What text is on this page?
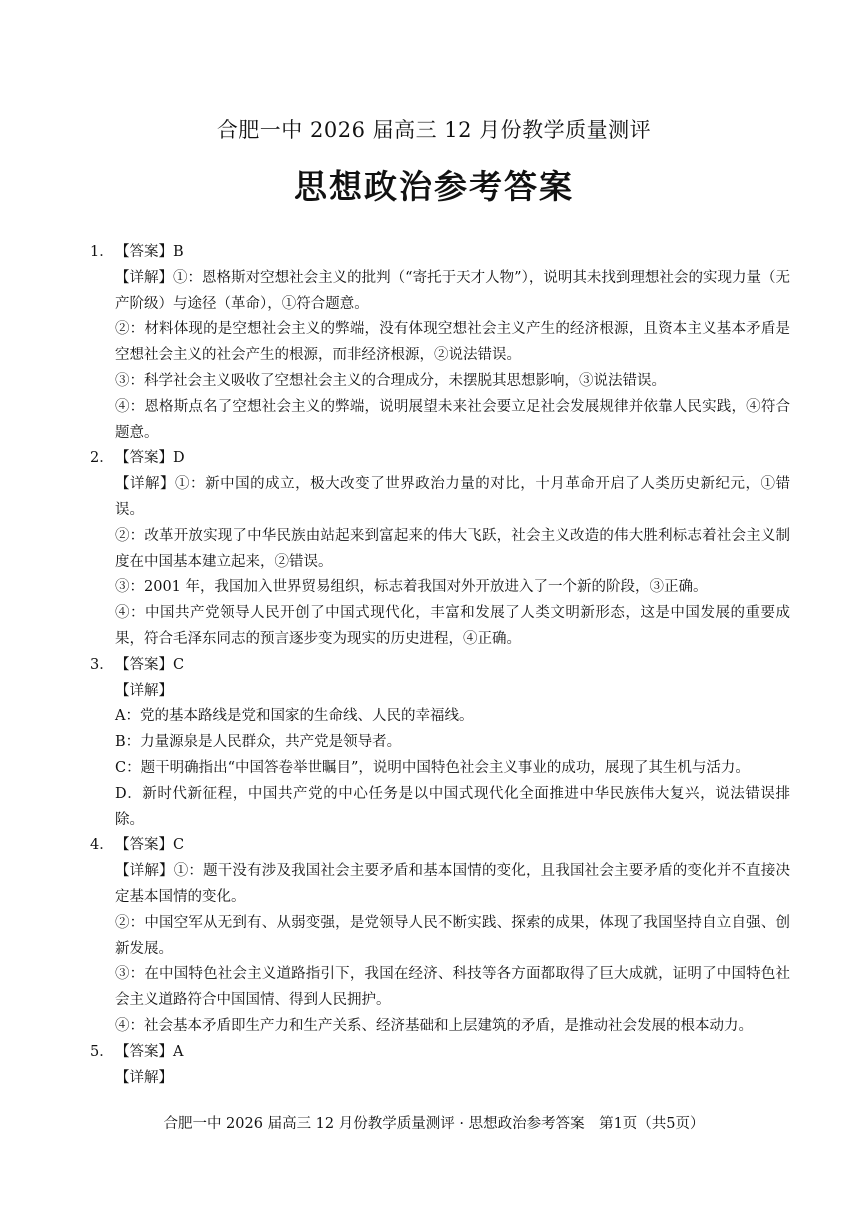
合肥一中 2026 届高三 12 月份教学质量测评
思想政治参考答案
1． 【答案】B

【详解】①：恩格斯对空想社会主义的批判（“寄托于天才人物”），说明其未找到理想社会的实现力量（无产阶级）与途径（革命），①符合题意。

②：材料体现的是空想社会主义的弊端，没有体现空想社会主义产生的经济根源，且资本主义基本矛盾是空想社会主义的社会产生的根源，而非经济根源，②说法错误。

③：科学社会主义吸收了空想社会主义的合理成分，未摆脱其思想影响，③说法错误。

④：恩格斯点名了空想社会主义的弊端，说明展望未来社会要立足社会发展规律并依靠人民实践，④符合题意。

2． 【答案】D

【详解】①：新中国的成立，极大改变了世界政治力量的对比，十月革命开启了人类历史新纪元，①错误。

②：改革开放实现了中华民族由站起来到富起来的伟大飞跃，社会主义改造的伟大胜利标志着社会主义制度在中国基本建立起来，②错误。

③：2001 年，我国加入世界贸易组织，标志着我国对外开放进入了一个新的阶段，③正确。

④：中国共产党领导人民开创了中国式现代化，丰富和发展了人类文明新形态，这是中国发展的重要成果，符合毛泽东同志的预言逐步变为现实的历史进程，④正确。

3． 【答案】C

【详解】

A：党的基本路线是党和国家的生命线、人民的幸福线。

B：力量源泉是人民群众，共产党是领导者。

C：题干明确指出“中国答卷举世瞩目”，说明中国特色社会主义事业的成功，展现了其生机与活力。

D．新时代新征程，中国共产党的中心任务是以中国式现代化全面推进中华民族伟大复兴，说法错误排除。

4． 【答案】C

【详解】①：题干没有涉及我国社会主要矛盾和基本国情的变化，且我国社会主要矛盾的变化并不直接决定基本国情的变化。

②：中国空军从无到有、从弱变强，是党领导人民不断实践、探索的成果，体现了我国坚持自立自强、创新发展。

③：在中国特色社会主义道路指引下，我国在经济、科技等各方面都取得了巨大成就，证明了中国特色社会主义道路符合中国国情、得到人民拥护。

④：社会基本矛盾即生产力和生产关系、经济基础和上层建筑的矛盾，是推动社会发展的根本动力。

5． 【答案】A

【详解】

合肥一中 2026 届高三 12 月份教学质量测评 · 思想政治参考答案　第1页（共5页）
